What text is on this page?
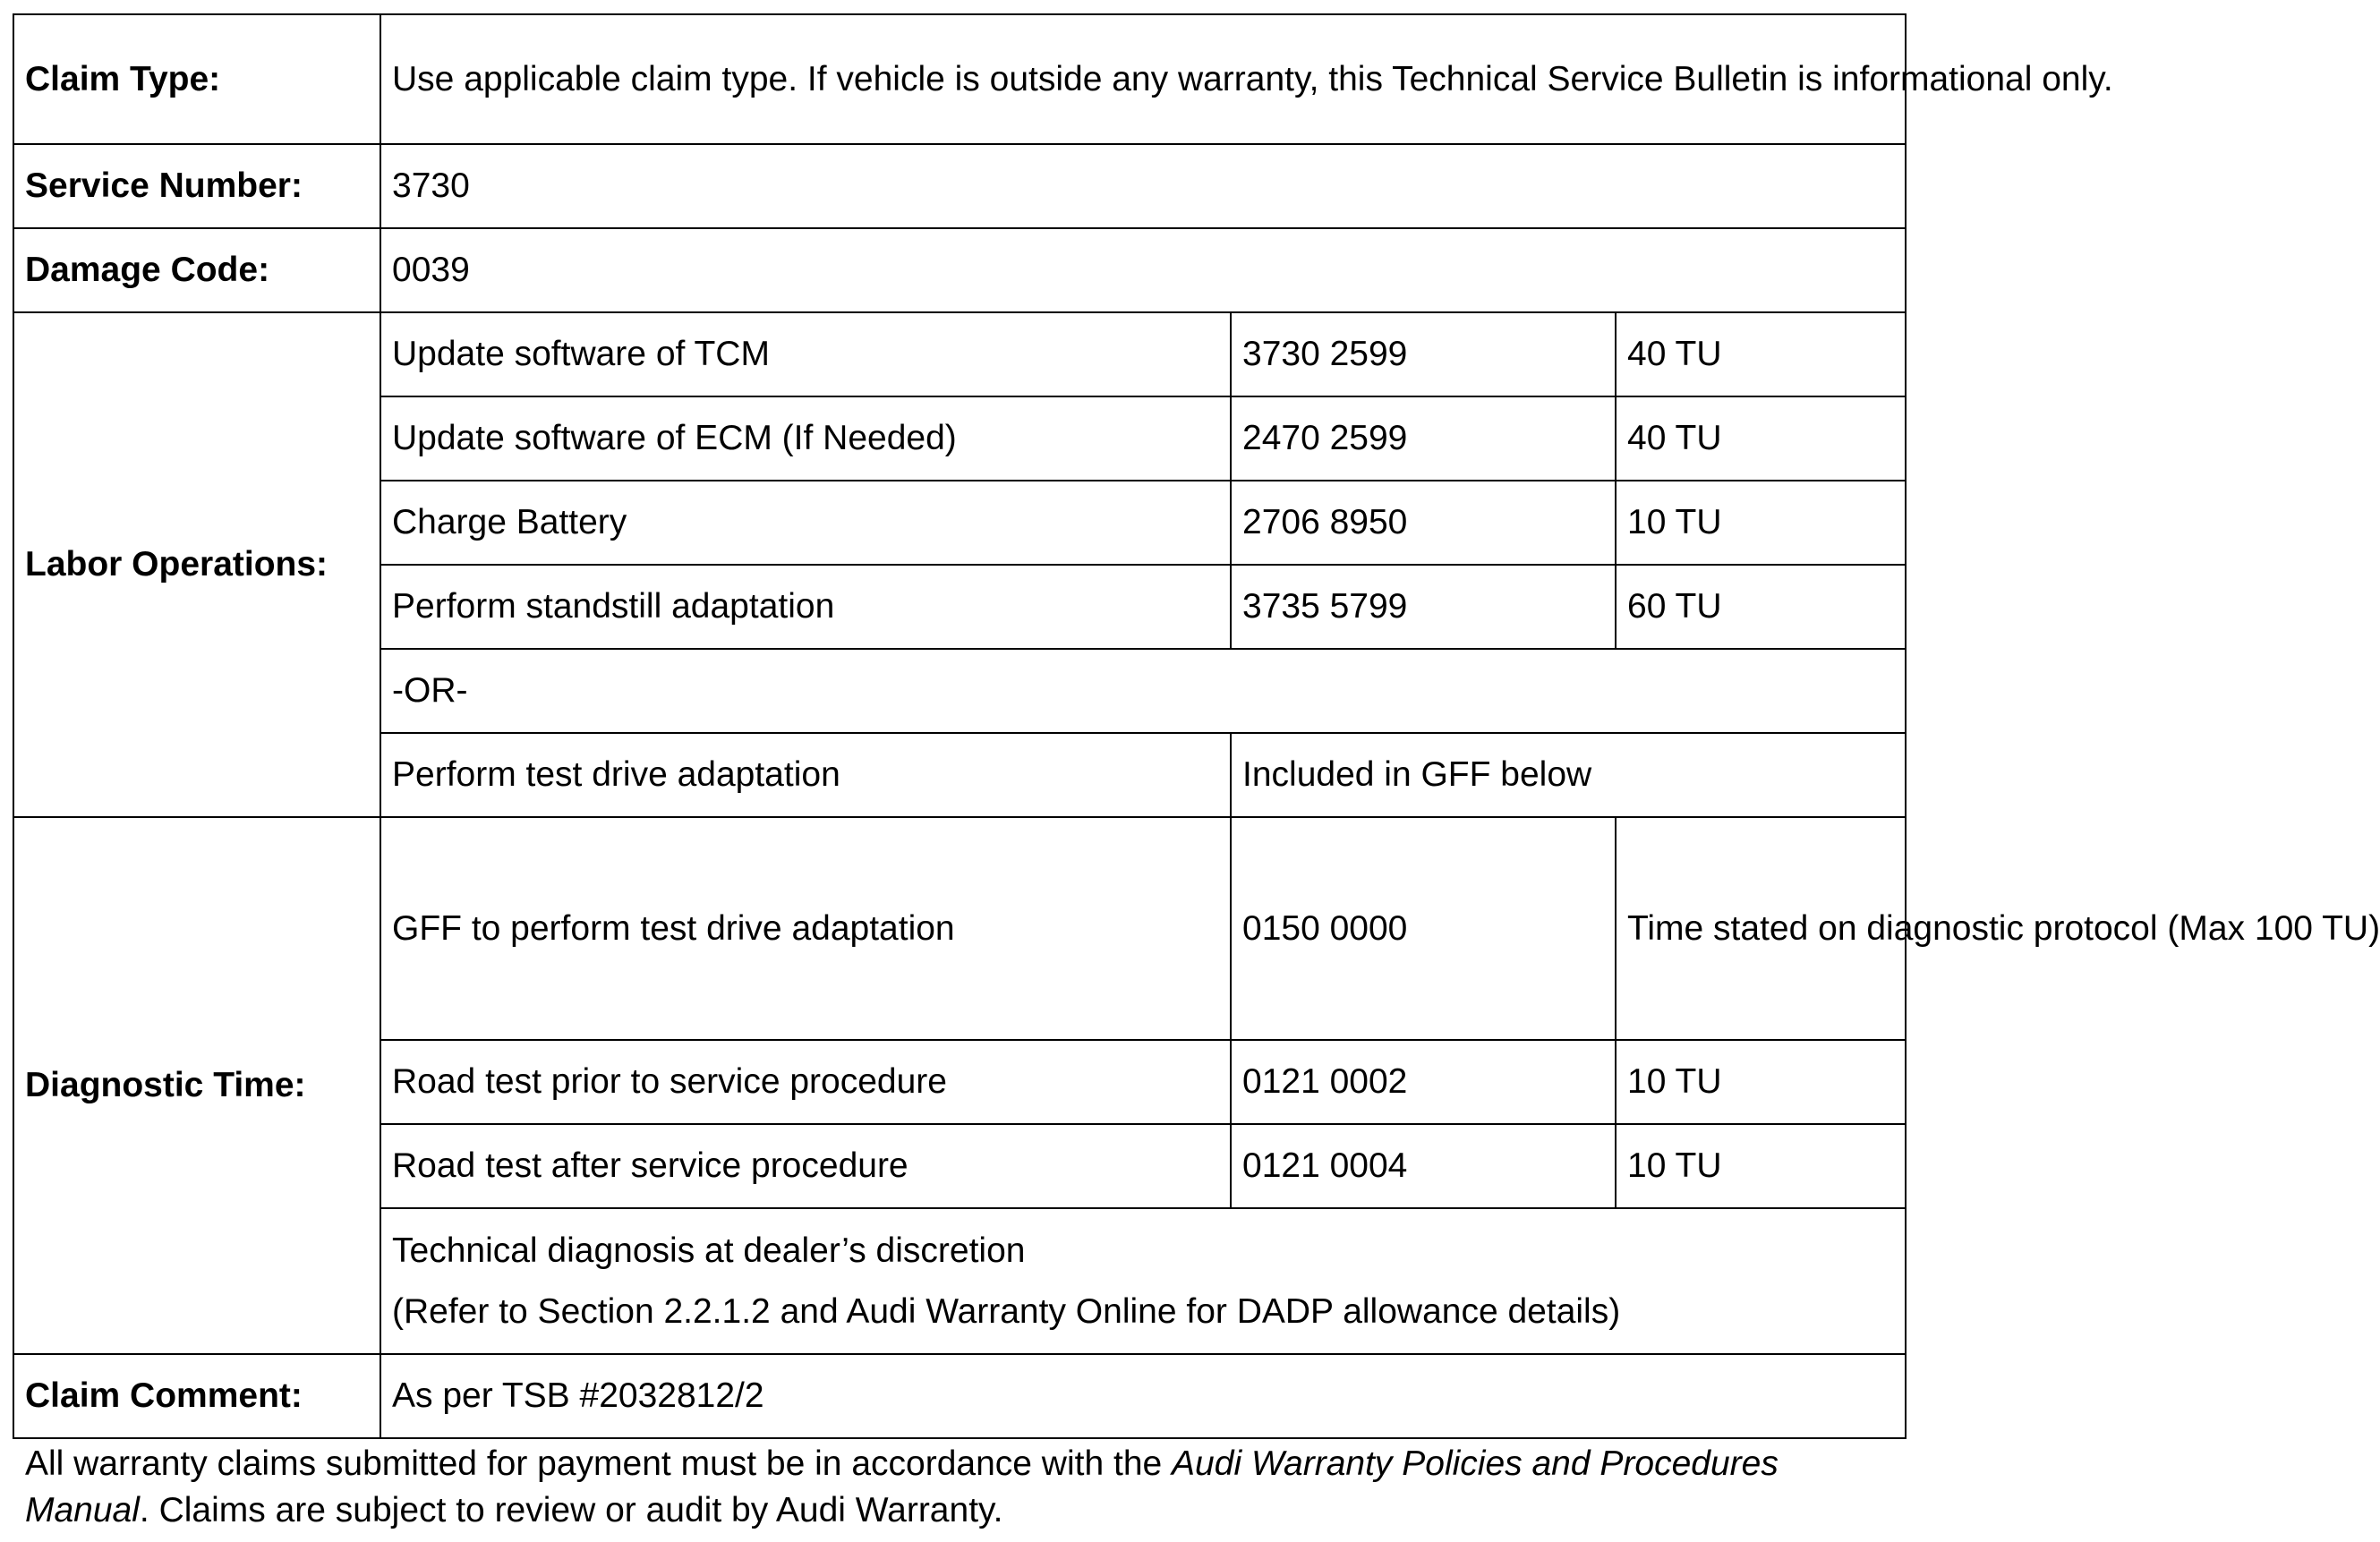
Claim Type:	Use applicable claim type. If vehicle is outside any warranty, this Technical Service Bulletin is informational only.		
Service Number:	3730		
Damage Code:	0039		
Labor Operations:	Update software of TCM	3730 2599	40 TU
	Update software of ECM (If Needed)	2470 2599	40 TU
	Charge Battery	2706 8950	10 TU
	Perform standstill adaptation	3735 5799	60 TU
	-OR-		
	Perform test drive adaptation	Included in GFF below	
Diagnostic Time:	GFF to perform test drive adaptation	0150 0000	Time stated on diagnostic protocol (Max 100 TU)
	Road test prior to service procedure	0121 0002	10 TU
	Road test after service procedure	0121 0004	10 TU
	Technical diagnosis at dealer’s discretion
(Refer to Section 2.2.1.2 and Audi Warranty Online for DADP allowance details)		

Claim Comment:	As per TSB #2032812/2		
All warranty claims submitted for payment must be in accordance with the Audi Warranty Policies and Procedures Manual. Claims are subject to review or audit by Audi Warranty.
